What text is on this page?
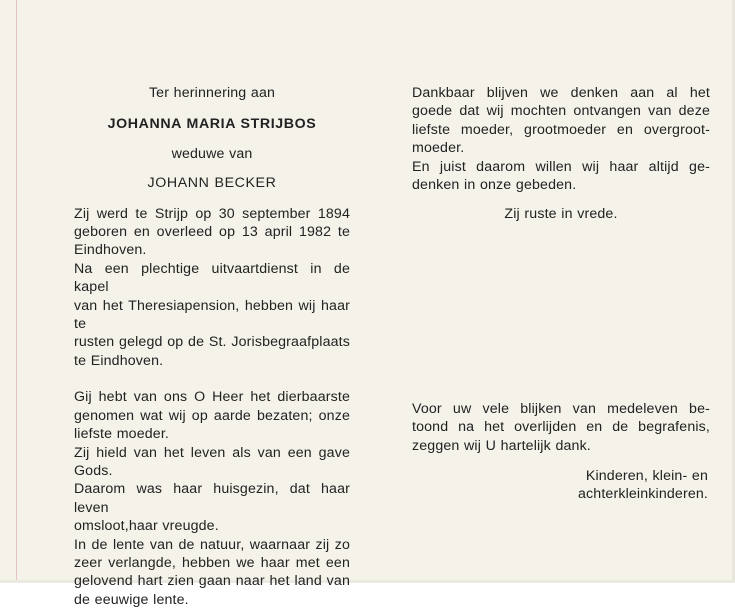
Ter herinnering aan
JOHANNA MARIA STRIJBOS
weduwe van
JOHANN BECKER
Zij werd te Strijp op 30 september 1894
geboren en overleed op 13 april 1982 te
Eindhoven.
Na een plechtige uitvaartdienst in de kapel
van het Theresiapension, hebben wij haar te
rusten gelegd op de St. Jorisbegraafplaats
te Eindhoven.
Gij hebt van ons O Heer het dierbaarste
genomen wat wij op aarde bezaten; onze
liefste moeder.
Zij hield van het leven als van een gave Gods.
Daarom was haar huisgezin, dat haar leven
omsloot,haar vreugde.
In de lente van de natuur, waarnaar zij zo
zeer verlangde, hebben we haar met een
gelovend hart zien gaan naar het land van
de eeuwige lente.
Dankbaar blijven we denken aan al het
goede dat wij mochten ontvangen van deze
liefste moeder, grootmoeder en overgroot-
moeder.
En juist daarom willen wij haar altijd ge-
denken in onze gebeden.
Zij ruste in vrede.
Voor uw vele blijken van medeleven be-
toond na het overlijden en de begrafenis,
zeggen wij U hartelijk dank.
Kinderen, klein- en
achterkleinkinderen.
